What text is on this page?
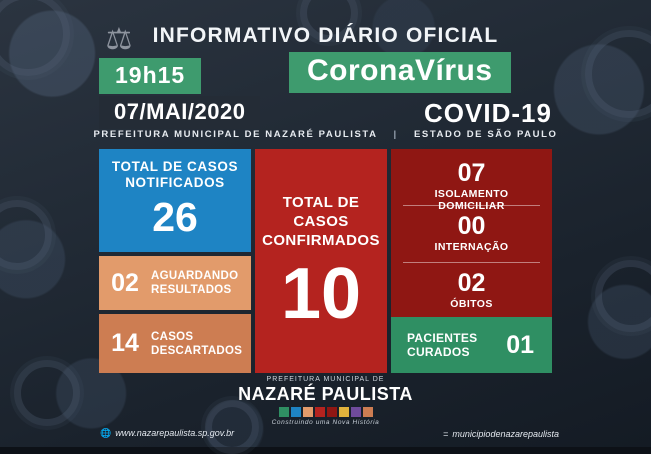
⚖ INFORMATIVO DIÁRIO OFICIAL
19h15
07/MAI/2020
CoronaVírus
COVID-19
PREFEITURA MUNICIPAL DE NAZARÉ PAULISTA | ESTADO DE SÃO PAULO
TOTAL DE CASOS
NOTIFICADOS
26
02	AGUARDANDO
RESULTADOS
14	CASOS
DESCARTADOS
TOTAL DE CASOS
CONFIRMADOS
10
07
ISOLAMENTO DOMICILIAR
00
INTERNAÇÃO
02
ÓBITOS
PACIENTES
CURADOS	01
PREFEITURA MUNICIPAL DE
NAZARÉ PAULISTA
Construindo uma Nova História
🌐 www.nazarepaulista.sp.gov.br	= municipiodenazarepaulista
